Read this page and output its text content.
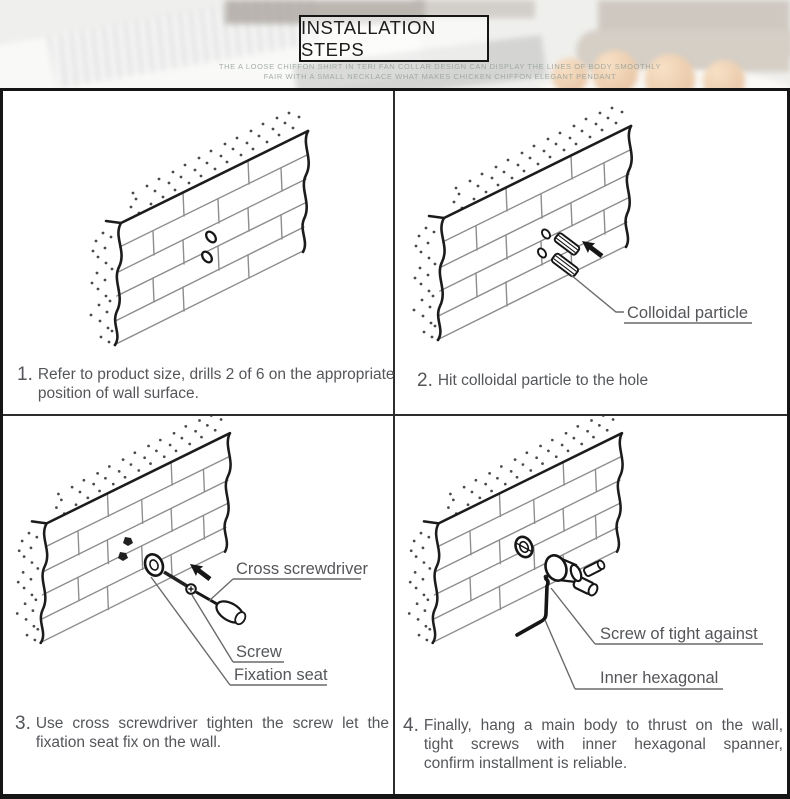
THE A LOOSE CHIFFON SHIRT IN TERI FAN COLLAR DESIGN CAN DISPLAY THE LINES OF BODY SMOOTHLY
FAIR WITH A SMALL NECKLACE WHAT MAKES CHICKEN CHIFFON ELEGANT PENDANT
INSTALLATION STEPS
1. Refer to product size, drills 2 of 6 on the appropriate
position of wall surface.
Colloidal particle
2. Hit colloidal particle to the hole
Cross screwdriver
Screw
Fixation seat
3. Use cross screwdriver tighten the screw let the
fixation seat fix on the wall.
Screw of tight against
Inner hexagonal
4. Finally, hang a main body to thrust on the wall,
tight screws with inner hexagonal spanner,
confirm installment is reliable.
